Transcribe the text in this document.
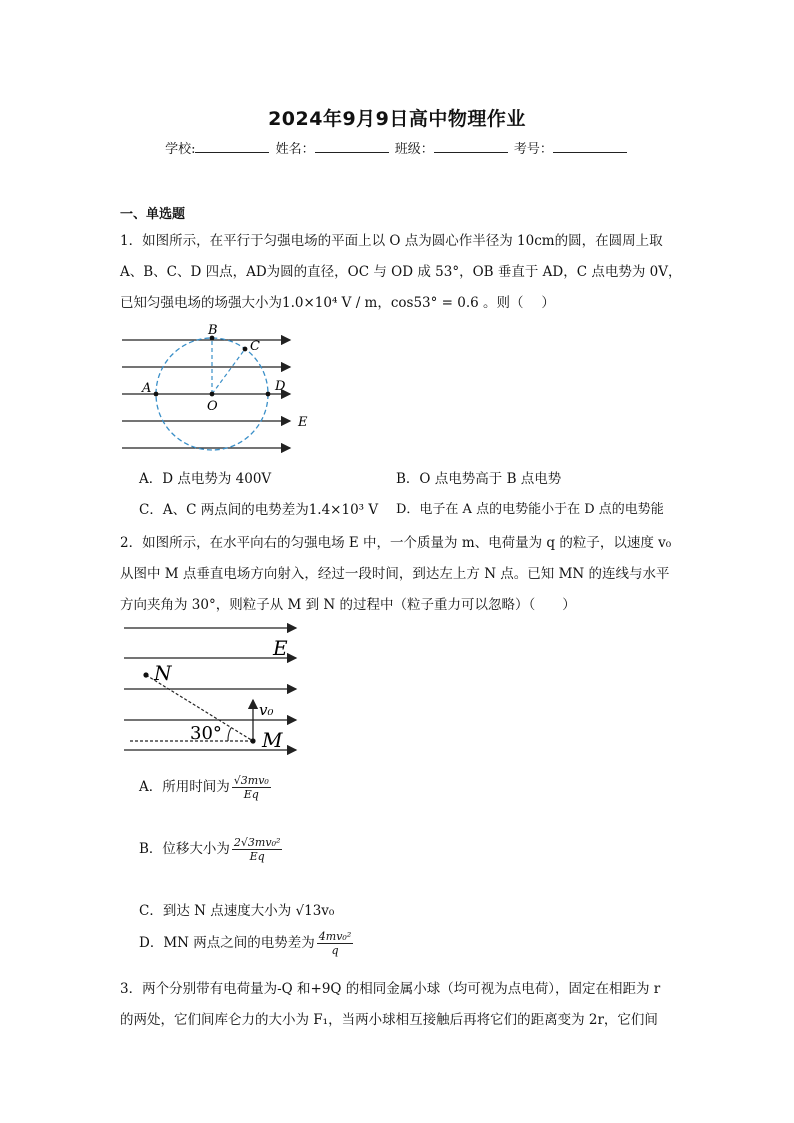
2024年9月9日高中物理作业
学校:	姓名：	班级：	考号：
一、单选题
1．如图所示，在平行于匀强电场的平面上以 O 点为圆心作半径为 10cm的圆，在圆周上取
A、B、C、D 四点，AD为圆的直径，OC 与 OD 成 53°，OB 垂直于 AD，C 点电势为 0V，
已知匀强电场的场强大小为1.0×10⁴ V / m，cos53° = 0.6 。则（　 ）
B
C
A	D
O
E
A．D 点电势为 400V	B．O 点电势高于 B 点电势
C．A、C 两点间的电势差为1.4×10³ V D．电子在 A 点的电势能小于在 D 点的电势能
2．如图所示，在水平向右的匀强电场 E 中，一个质量为 m、电荷量为 q 的粒子，以速度 v₀
从图中 M 点垂直电场方向射入，经过一段时间，到达左上方 N 点。已知 MN 的连线与水平
方向夹角为 30°，则粒子从 M 到 N 的过程中（粒子重力可以忽略）（　　）
E
N
M
v₀
30°
A．所用时间为 $\frac{\text{√3mv₀}}{Eq}$
B．位移大小为 $\frac{\text{2√3mv₀²}}{Eq}$
C．到达 N 点速度大小为 √13v₀
D．MN 两点之间的电势差为 $\frac{\text{4mv₀²}}{q}$
3．两个分别带有电荷量为-Q 和+9Q 的相同金属小球（均可视为点电荷），固定在相距为 r
的两处，它们间库仑力的大小为 F₁，当两小球相互接触后再将它们的距离变为 2r，它们间
